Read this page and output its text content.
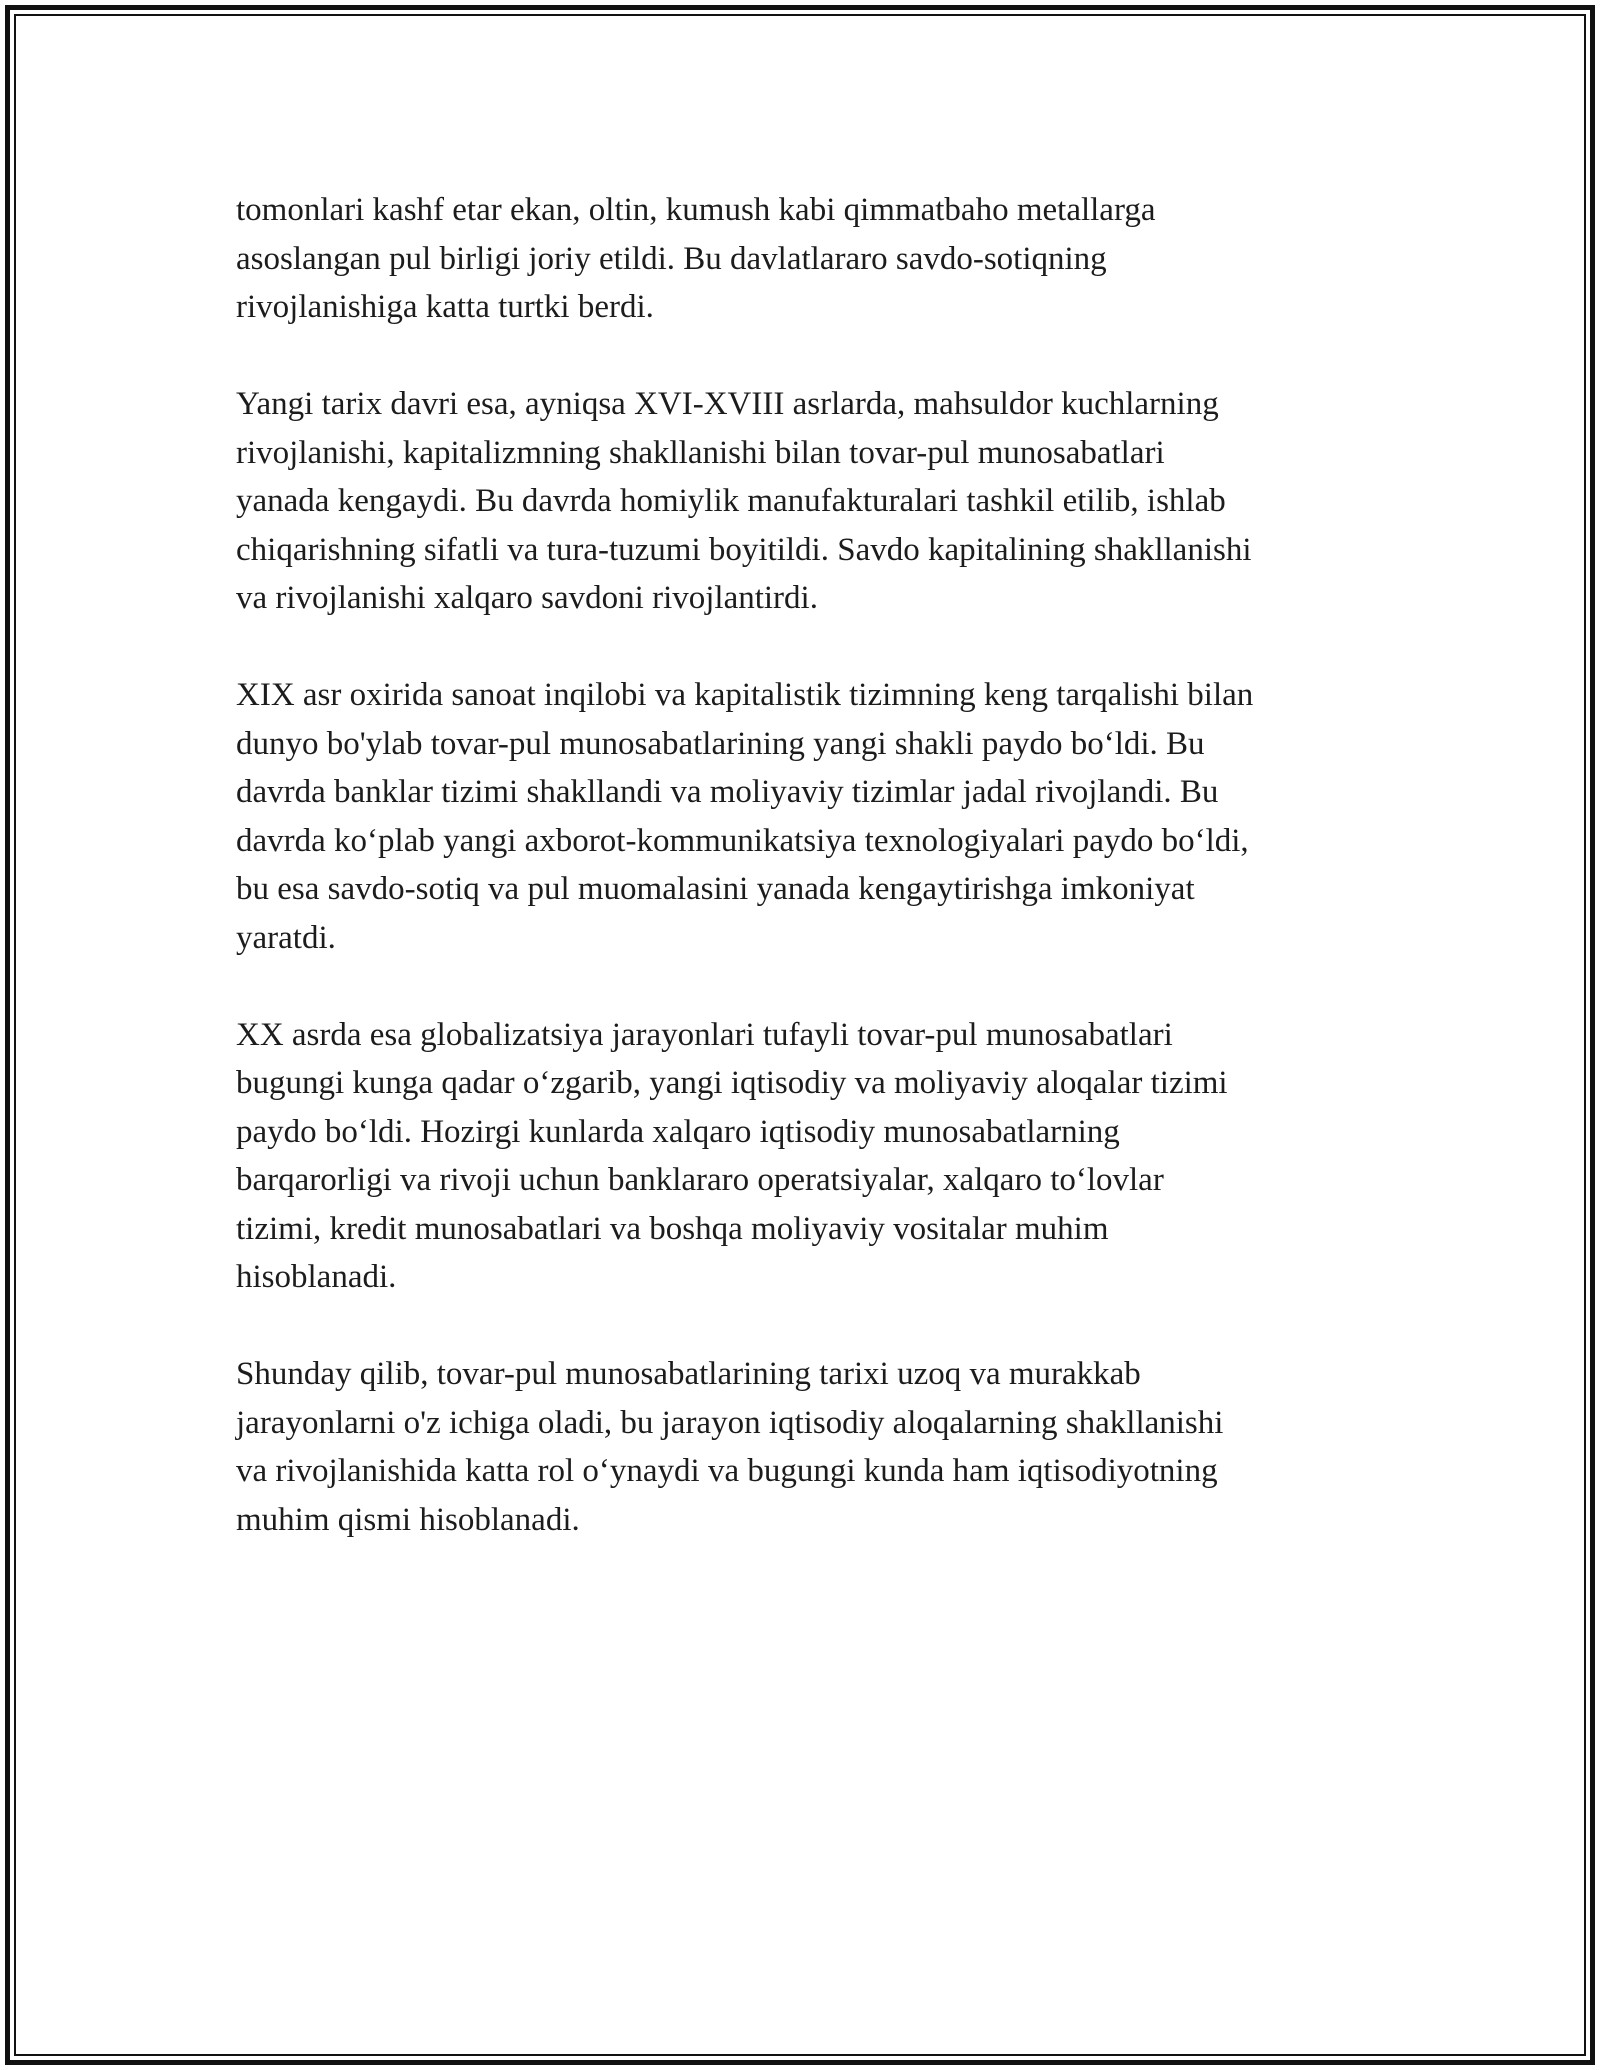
tomonlari kashf etar ekan, oltin, kumush kabi qimmatbaho metallarga
asoslangan pul birligi joriy etildi. Bu davlatlararo savdo-sotiqning
rivojlanishiga katta turtki berdi.

Yangi tarix davri esa, ayniqsa XVI-XVIII asrlarda, mahsuldor kuchlarning
rivojlanishi, kapitalizmning shakllanishi bilan tovar-pul munosabatlari
yanada kengaydi. Bu davrda homiylik manufakturalari tashkil etilib, ishlab
chiqarishning sifatli va tura-tuzumi boyitildi. Savdo kapitalining shakllanishi
va rivojlanishi xalqaro savdoni rivojlantirdi.

XIX asr oxirida sanoat inqilobi va kapitalistik tizimning keng tarqalishi bilan
dunyo bo'ylab tovar-pul munosabatlarining yangi shakli paydo bo‘ldi. Bu
davrda banklar tizimi shakllandi va moliyaviy tizimlar jadal rivojlandi. Bu
davrda ko‘plab yangi axborot-kommunikatsiya texnologiyalari paydo bo‘ldi,
bu esa savdo-sotiq va pul muomalasini yanada kengaytirishga imkoniyat
yaratdi.

XX asrda esa globalizatsiya jarayonlari tufayli tovar-pul munosabatlari
bugungi kunga qadar o‘zgarib, yangi iqtisodiy va moliyaviy aloqalar tizimi
paydo bo‘ldi. Hozirgi kunlarda xalqaro iqtisodiy munosabatlarning
barqarorligi va rivoji uchun banklararo operatsiyalar, xalqaro to‘lovlar
tizimi, kredit munosabatlari va boshqa moliyaviy vositalar muhim
hisoblanadi.

Shunday qilib, tovar-pul munosabatlarining tarixi uzoq va murakkab
jarayonlarni o'z ichiga oladi, bu jarayon iqtisodiy aloqalarning shakllanishi
va rivojlanishida katta rol o‘ynaydi va bugungi kunda ham iqtisodiyotning
muhim qismi hisoblanadi.
